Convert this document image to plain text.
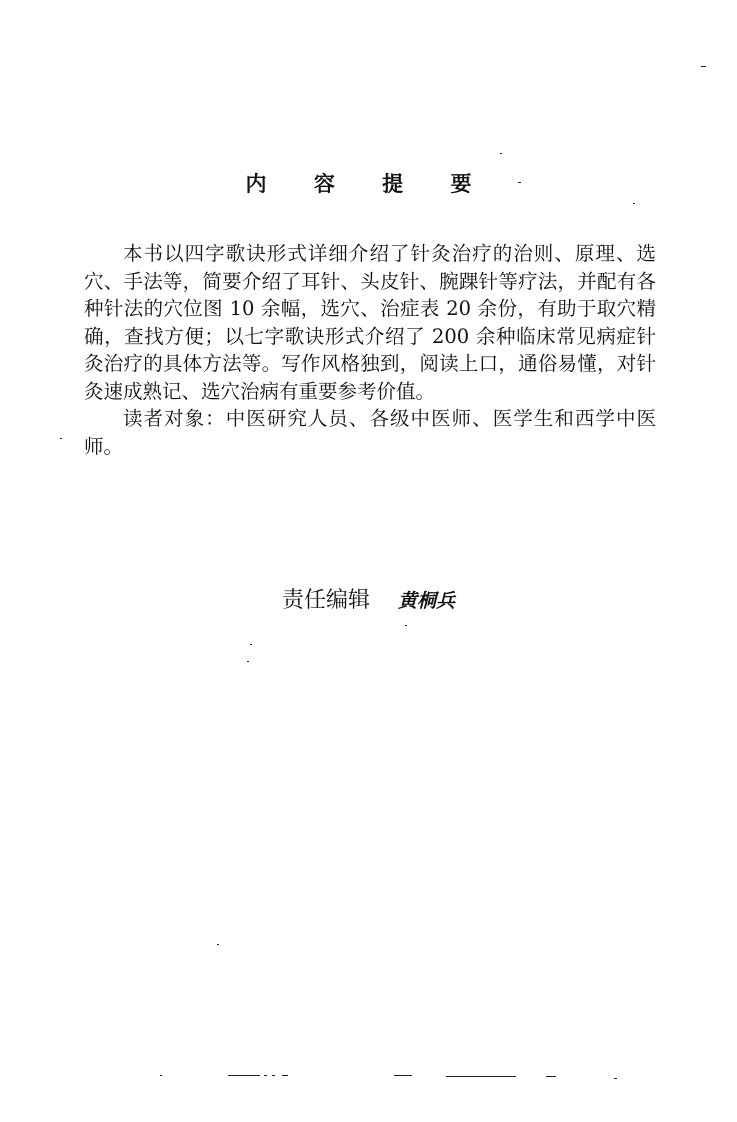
内 容 提 要

本书以四字歌诀形式详细介绍了针灸治疗的治则、原理、选穴、手法等，简要介绍了耳针、头皮针、腕踝针等疗法，并配有各种针法的穴位图 10 余幅，选穴、治症表 20 余份，有助于取穴精确，查找方便；以七字歌诀形式介绍了 200 余种临床常见病症针灸治疗的具体方法等。写作风格独到，阅读上口，通俗易懂，对针灸速成熟记、选穴治病有重要参考价值。

读者对象：中医研究人员、各级中医师、医学生和西学中医师。

责任编辑 黄桐兵
